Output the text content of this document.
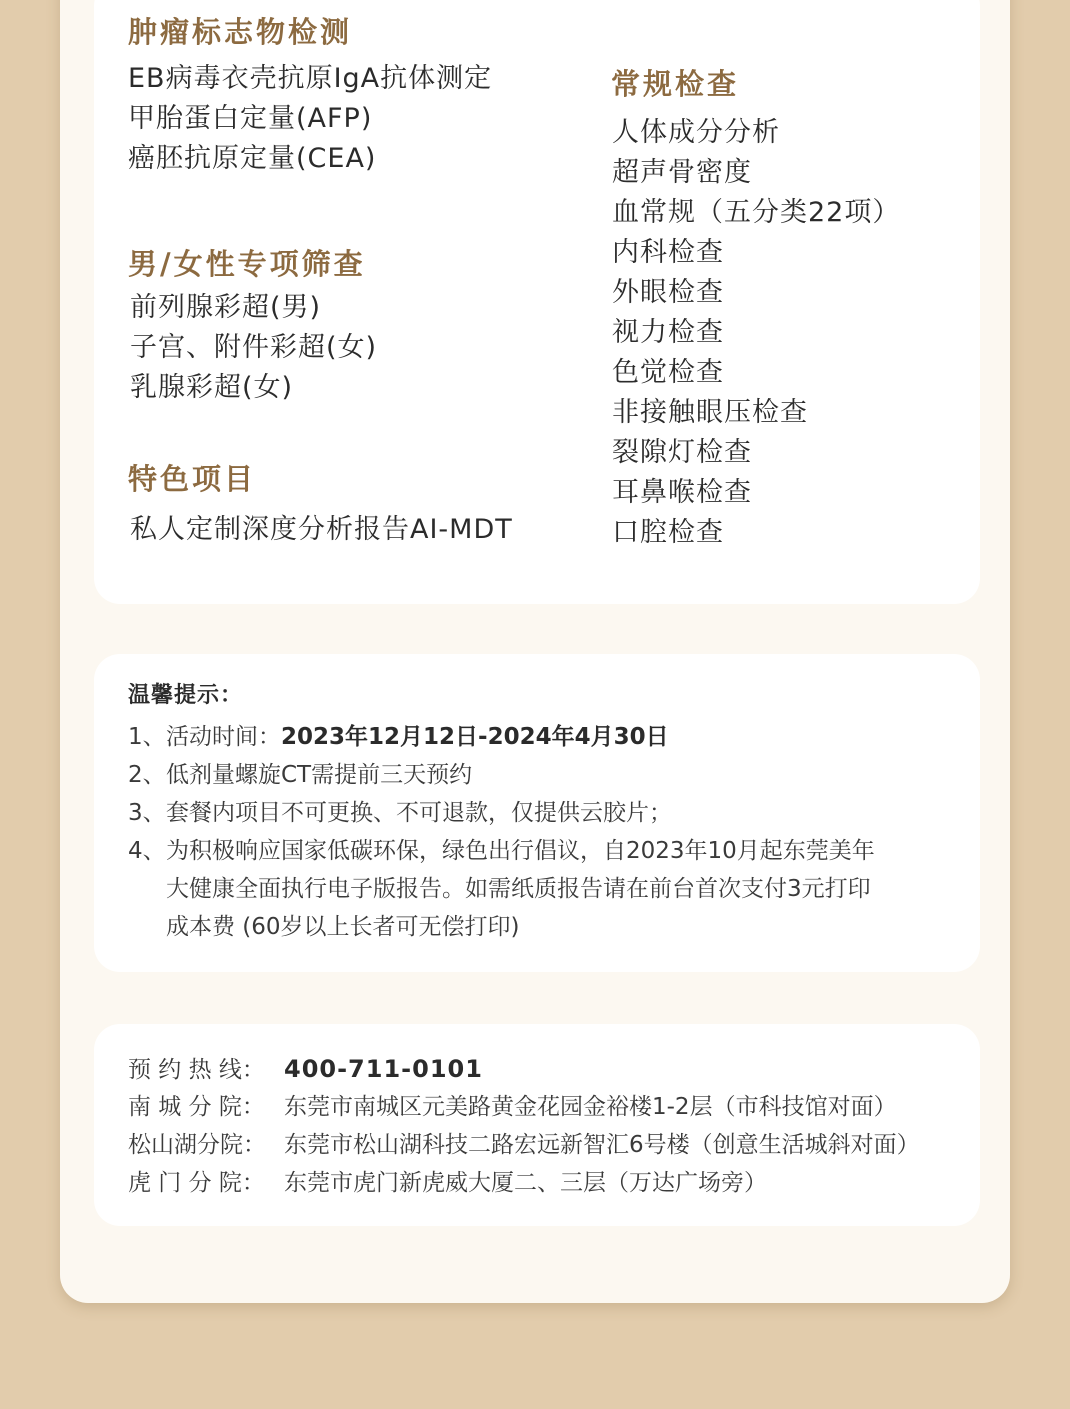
肿瘤标志物检测
EB病毒衣壳抗原IgA抗体测定
甲胎蛋白定量(AFP)
癌胚抗原定量(CEA)
男/女性专项筛查
前列腺彩超(男)
子宫、附件彩超(女)
乳腺彩超(女)
特色项目
私人定制深度分析报告AI-MDT
常规检查
人体成分分析
超声骨密度
血常规（五分类22项）
内科检查
外眼检查
视力检查
色觉检查
非接触眼压检查
裂隙灯检查
耳鼻喉检查
口腔检查
温馨提示：
1、活动时间：2023年12月12日-2024年4月30日
2、低剂量螺旋CT需提前三天预约
3、套餐内项目不可更换、不可退款，仅提供云胶片；
4、为积极响应国家低碳环保，绿色出行倡议，自2023年10月起东莞美年
大健康全面执行电子版报告。如需纸质报告请在前台首次支付3元打印
成本费 (60岁以上长者可无偿打印)
预 约 热 线： 400-711-0101
南 城 分 院： 东莞市南城区元美路黄金花园金裕楼1-2层（市科技馆对面）
松山湖分院： 东莞市松山湖科技二路宏远新智汇6号楼（创意生活城斜对面）
虎 门 分 院： 东莞市虎门新虎威大厦二、三层（万达广场旁）
